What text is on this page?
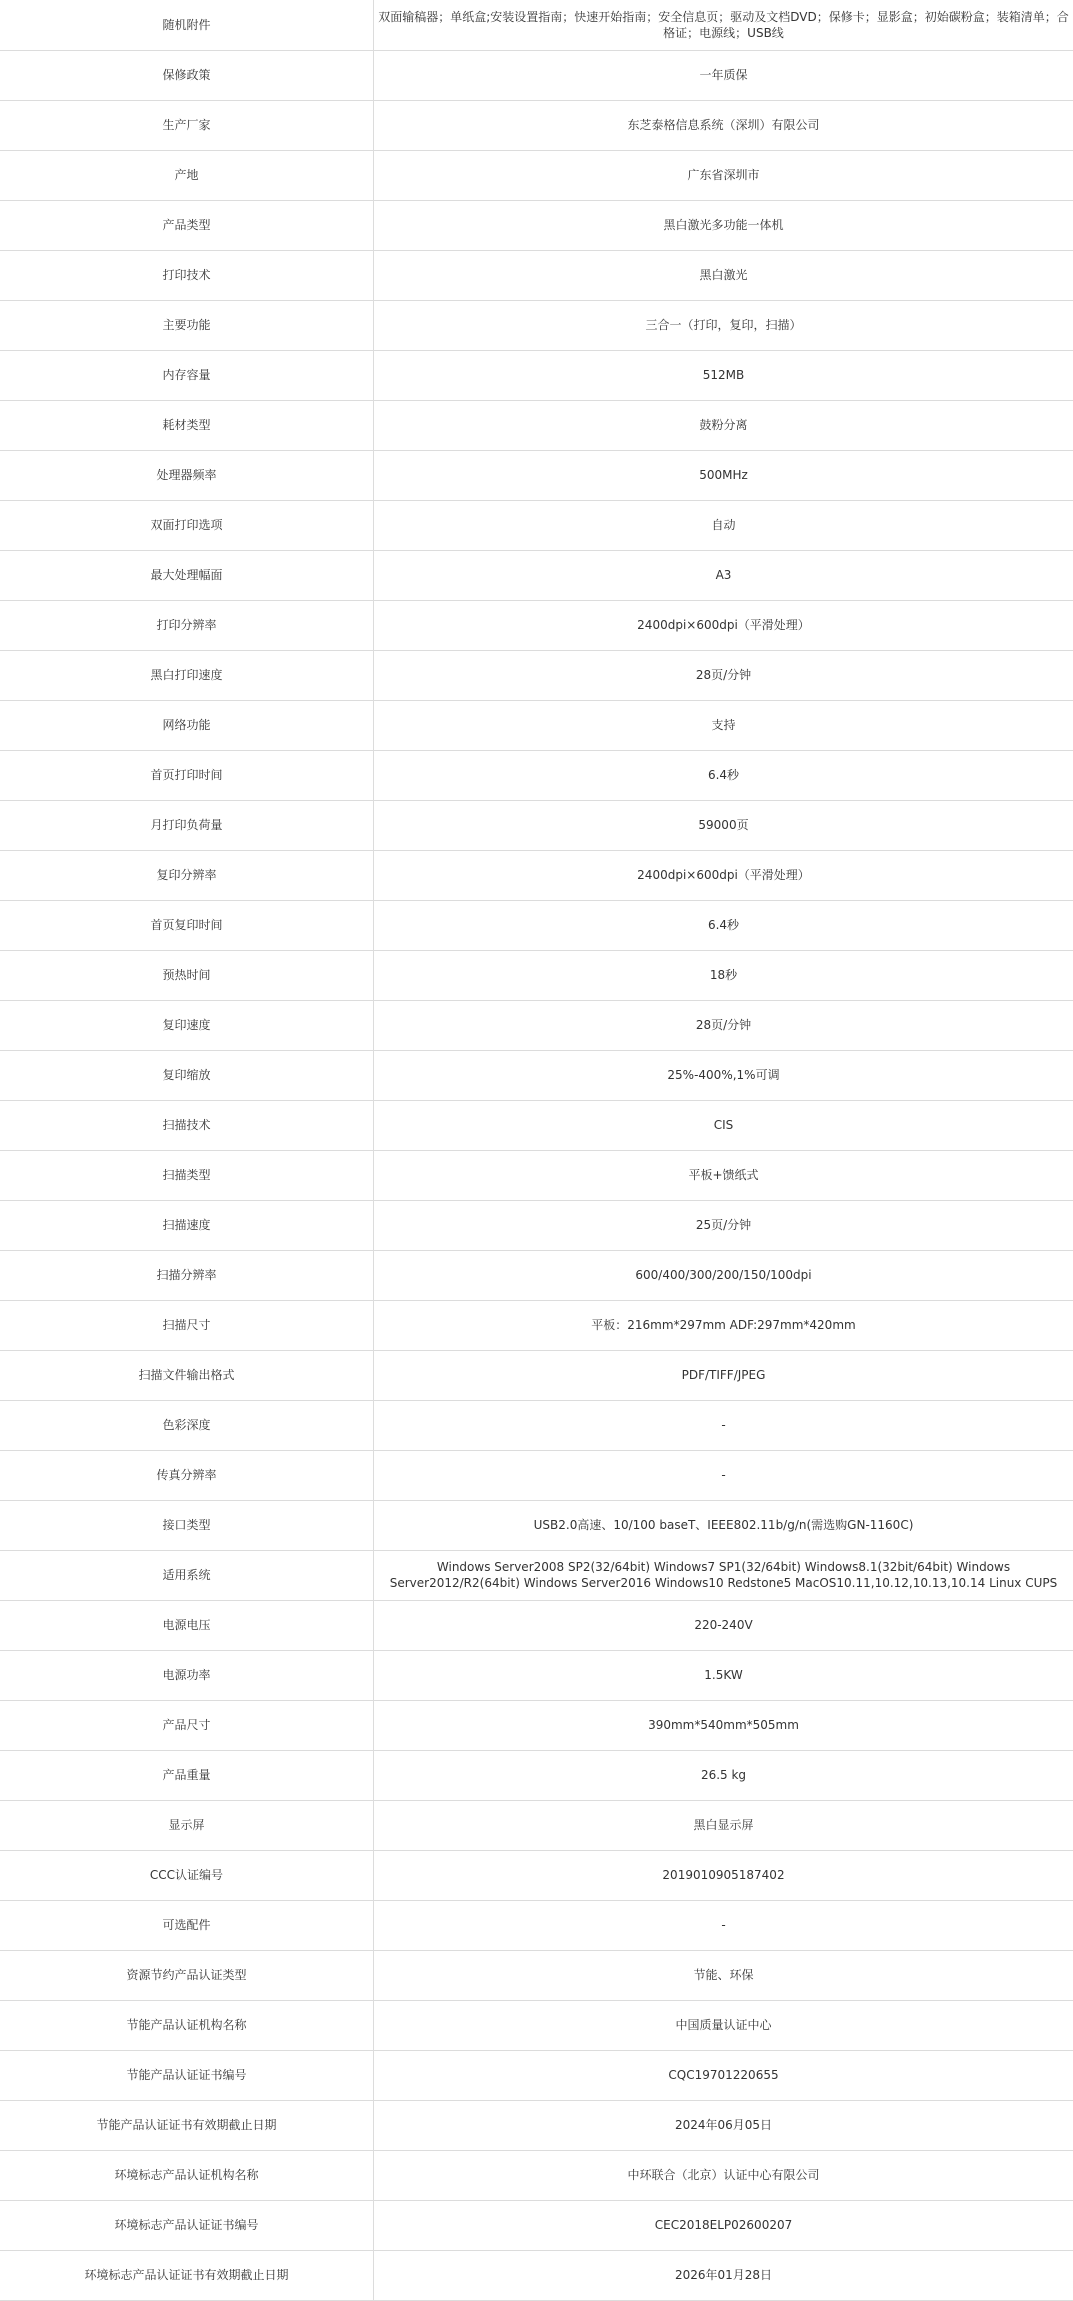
随机附件	双面输稿器；单纸盒;安装设置指南；快速开始指南；安全信息页；驱动及文档DVD；保修卡；显影盒；初始碳粉盒；装箱清单；合格证；电源线；USB线
保修政策	一年质保
生产厂家	东芝泰格信息系统（深圳）有限公司
产地	广东省深圳市
产品类型	黑白激光多功能一体机
打印技术	黑白激光
主要功能	三合一（打印，复印，扫描）
内存容量	512MB
耗材类型	鼓粉分离
处理器频率	500MHz
双面打印选项	自动
最大处理幅面	A3
打印分辨率	2400dpi×600dpi（平滑处理）
黑白打印速度	28页/分钟
网络功能	支持
首页打印时间	6.4秒
月打印负荷量	59000页
复印分辨率	2400dpi×600dpi（平滑处理）
首页复印时间	6.4秒
预热时间	18秒
复印速度	28页/分钟
复印缩放	25%-400%,1%可调
扫描技术	CIS
扫描类型	平板+馈纸式
扫描速度	25页/分钟
扫描分辨率	600/400/300/200/150/100dpi
扫描尺寸	平板：216mm*297mm ADF:297mm*420mm
扫描文件输出格式	PDF/TIFF/JPEG
色彩深度	-
传真分辨率	-
接口类型	USB2.0高速、10/100 baseT、IEEE802.11b/g/n(需选购GN-1160C)
适用系统	Windows Server2008 SP2(32/64bit) Windows7 SP1(32/64bit) Windows8.1(32bit/64bit) Windows Server2012/R2(64bit) Windows Server2016 Windows10 Redstone5 MacOS10.11,10.12,10.13,10.14 Linux CUPS
电源电压	220-240V
电源功率	1.5KW
产品尺寸	390mm*540mm*505mm
产品重量	26.5 kg
显示屏	黑白显示屏
CCC认证编号	2019010905187402
可选配件	-
资源节约产品认证类型	节能、环保
节能产品认证机构名称	中国质量认证中心
节能产品认证证书编号	CQC19701220655
节能产品认证证书有效期截止日期	2024年06月05日
环境标志产品认证机构名称	中环联合（北京）认证中心有限公司
环境标志产品认证证书编号	CEC2018ELP02600207
环境标志产品认证证书有效期截止日期	2026年01月28日
